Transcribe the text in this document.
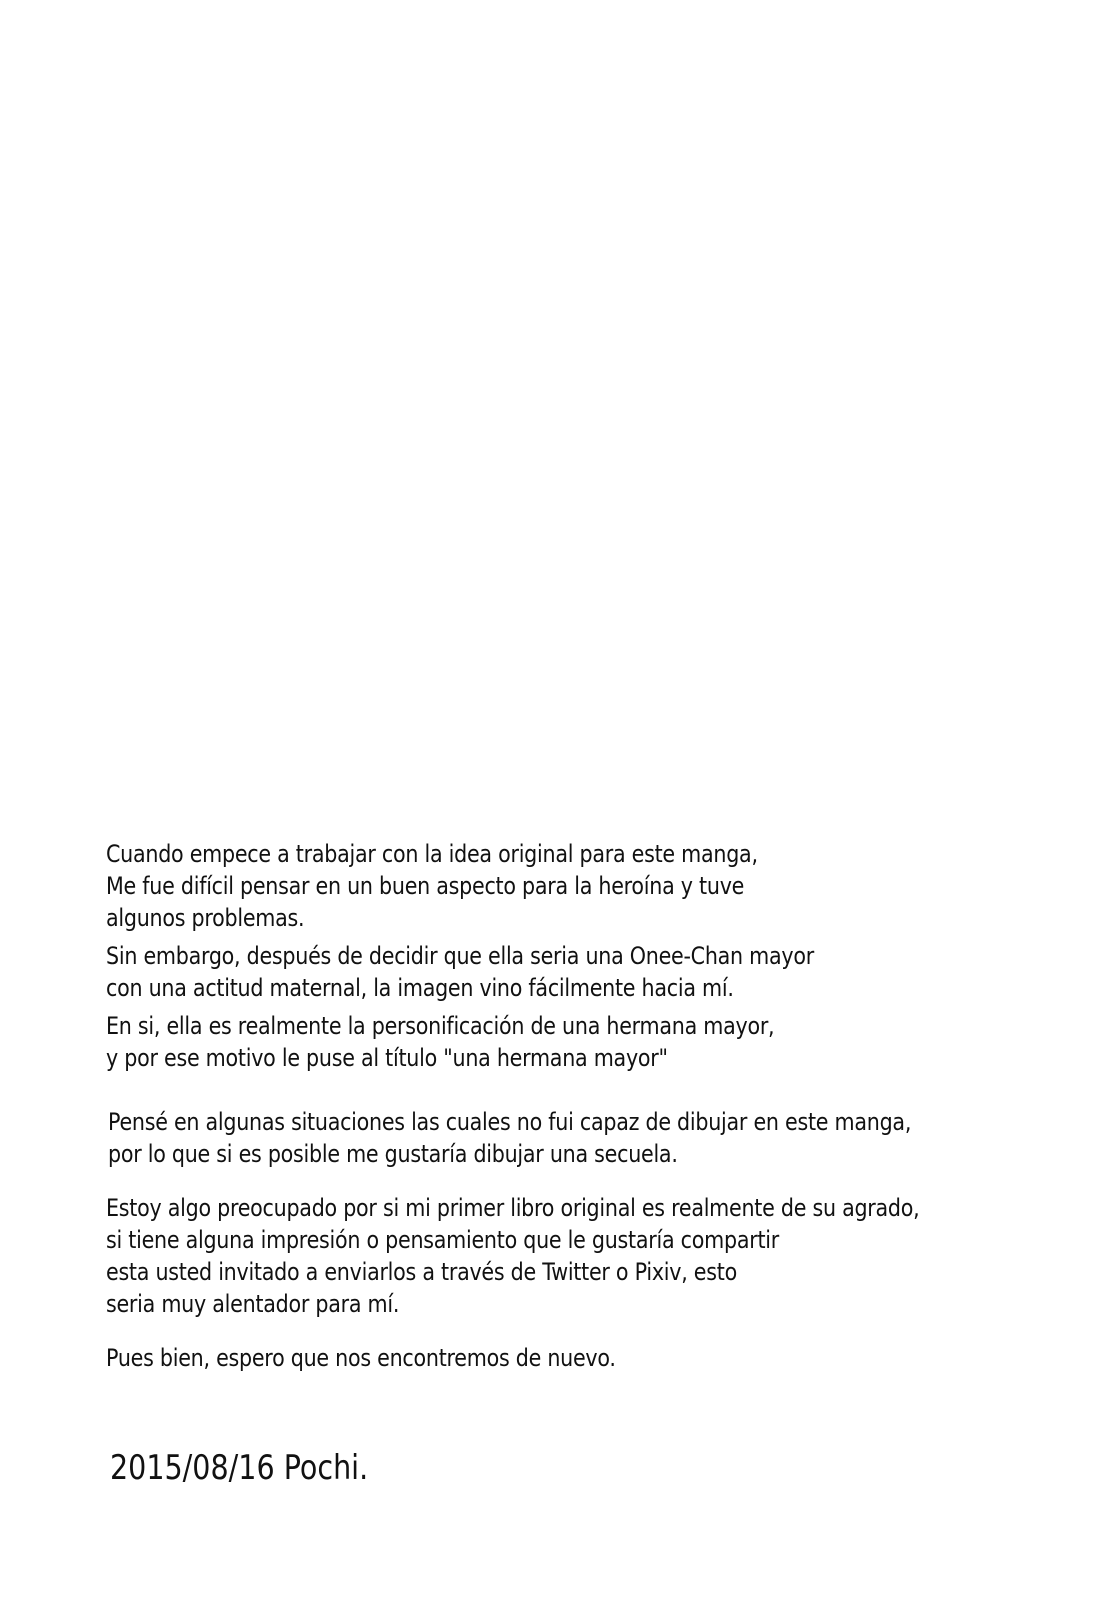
Cuando empece a trabajar con la idea original para este manga,
Me fue difícil pensar en un buen aspecto para la heroína y tuve
algunos problemas.

Sin embargo, después de decidir que ella seria una Onee-Chan mayor
con una actitud maternal, la imagen vino fácilmente hacia mí.

En si, ella es realmente la personificación de una hermana mayor,
y por ese motivo le puse al título "una hermana mayor"

Pensé en algunas situaciones las cuales no fui capaz de dibujar en este manga,
por lo que si es posible me gustaría dibujar una secuela.

Estoy algo preocupado por si mi primer libro original es realmente de su agrado,
si tiene alguna impresión o pensamiento que le gustaría compartir
esta usted invitado a enviarlos a través de Twitter o Pixiv, esto
seria muy alentador para mí.

Pues bien, espero que nos encontremos de nuevo.

2015/08/16 Pochi.
